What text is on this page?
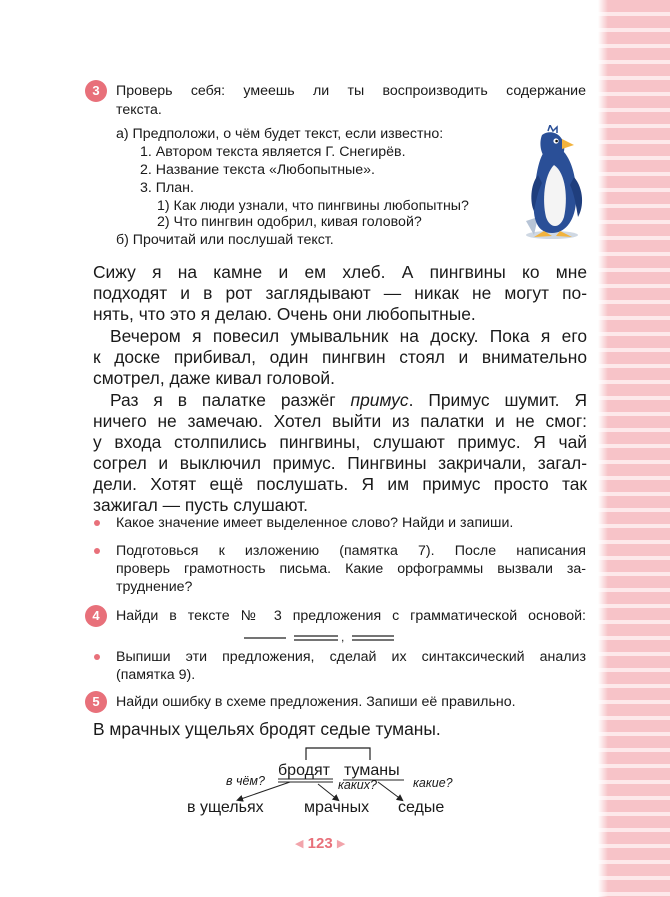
3	Проверь себя: умеешь ли ты воспроизводить содержание
текста.
а) Предположи, о чём будет текст, если известно:
1. Автором текста является Г. Снегирёв.
2. Название текста «Любопытные».
3. План.
1) Как люди узнали, что пингвины любопытны?
2) Что пингвин одобрил, кивая головой?
б) Прочитай или послушай текст.
Сижу я на камне и ем хлеб. А пингвины ко мне
подходят и в рот заглядывают — никак не могут по-
нять, что это я делаю. Очень они любопытные.
Вечером я повесил умывальник на доску. Пока я его
к доске прибивал, один пингвин стоял и внимательно
смотрел, даже кивал головой.
Раз я в палатке разжёг примус. Примус шумит. Я
ничего не замечаю. Хотел выйти из палатки и не смог:
у входа столпились пингвины, слушают примус. Я чай
согрел и выключил примус. Пингвины закричали, загал-
дели. Хотят ещё послушать. Я им примус просто так
зажигал — пусть слушают.
Какое значение имеет выделенное слово? Найди и запиши.
Подготовься к изложению (памятка 7). После написания
проверь грамотность письма. Какие орфограммы вызвали за-
труднение?
4	Найди в тексте № 3 предложения с грамматической основой:
,
Выпиши эти предложения, сделай их синтаксический анализ
(памятка 9).
5	Найди ошибку в схеме предложения. Запиши её правильно.
В мрачных ущельях бродят седые туманы.
бродят туманы
в чём?	каких?	какие?
в ущельях	мрачных седые
◀ 123 ▶
